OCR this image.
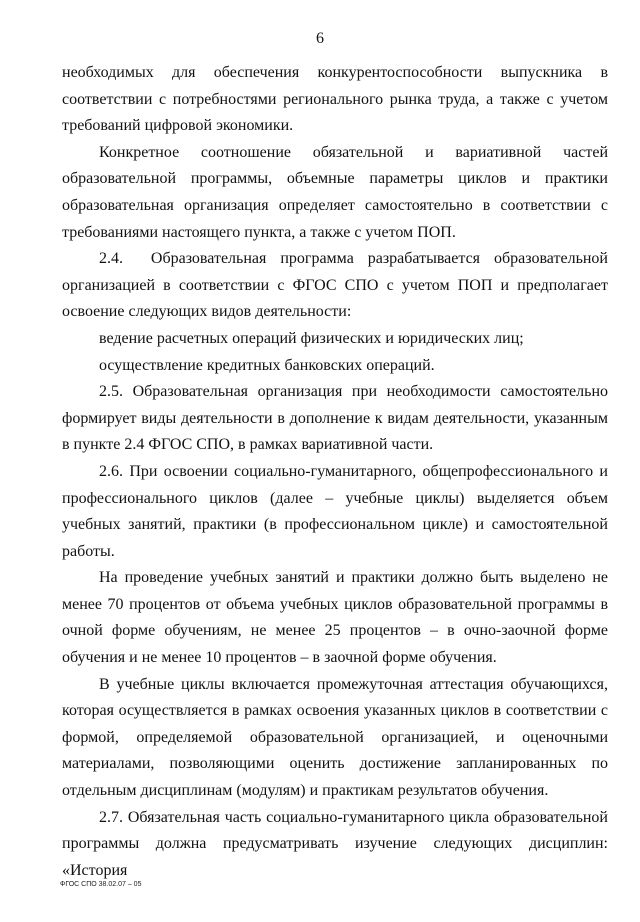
6

необходимых для обеспечения конкурентоспособности выпускника в соответствии с потребностями регионального рынка труда, а также с учетом требований цифровой экономики.

Конкретное соотношение обязательной и вариативной частей образовательной программы, объемные параметры циклов и практики образовательная организация определяет самостоятельно в соответствии с требованиями настоящего пункта, а также с учетом ПОП.

2.4.  Образовательная программа разрабатывается образовательной организацией в соответствии с ФГОС СПО с учетом ПОП и предполагает освоение следующих видов деятельности:

ведение расчетных операций физических и юридических лиц;

осуществление кредитных банковских операций.

2.5. Образовательная организация при необходимости самостоятельно формирует виды деятельности в дополнение к видам деятельности, указанным в пункте 2.4 ФГОС СПО, в рамках вариативной части.

2.6. При освоении социально-гуманитарного, общепрофессионального и профессионального циклов (далее – учебные циклы) выделяется объем учебных занятий, практики (в профессиональном цикле) и самостоятельной работы.

На проведение учебных занятий и практики должно быть выделено не менее 70 процентов от объема учебных циклов образовательной программы в очной форме обучениям, не менее 25 процентов – в очно-заочной форме обучения и не менее 10 процентов – в заочной форме обучения.

В учебные циклы включается промежуточная аттестация обучающихся, которая осуществляется в рамках освоения указанных циклов в соответствии с формой, определяемой образовательной организацией, и оценочными материалами, позволяющими оценить достижение запланированных по отдельным дисциплинам (модулям) и практикам результатов обучения.

2.7. Обязательная часть социально-гуманитарного цикла образовательной программы должна предусматривать изучение следующих дисциплин: «История

ФГОС СПО 38.02.07 – 05
